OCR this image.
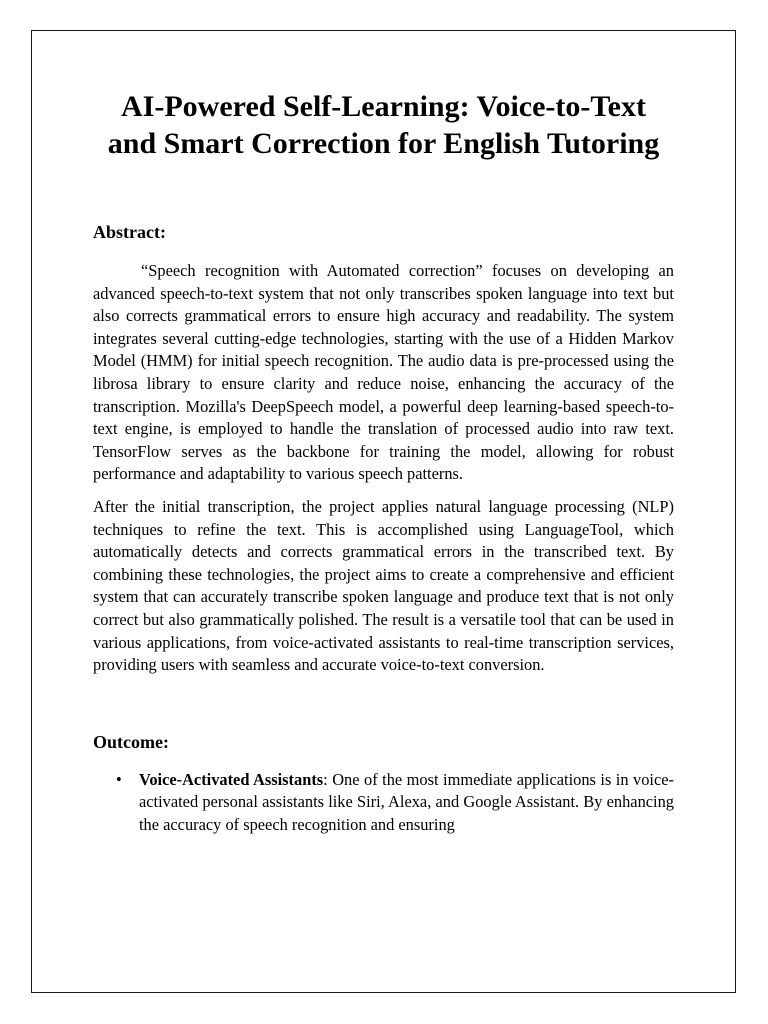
AI-Powered Self-Learning: Voice-to-Text and Smart Correction for English Tutoring
Abstract:

“Speech recognition with Automated correction” focuses on developing an advanced speech-to-text system that not only transcribes spoken language into text but also corrects grammatical errors to ensure high accuracy and readability. The system integrates several cutting-edge technologies, starting with the use of a Hidden Markov Model (HMM) for initial speech recognition. The audio data is pre-processed using the librosa library to ensure clarity and reduce noise, enhancing the accuracy of the transcription. Mozilla's DeepSpeech model, a powerful deep learning-based speech-to-text engine, is employed to handle the translation of processed audio into raw text. TensorFlow serves as the backbone for training the model, allowing for robust performance and adaptability to various speech patterns.

After the initial transcription, the project applies natural language processing (NLP) techniques to refine the text. This is accomplished using LanguageTool, which automatically detects and corrects grammatical errors in the transcribed text. By combining these technologies, the project aims to create a comprehensive and efficient system that can accurately transcribe spoken language and produce text that is not only correct but also grammatically polished. The result is a versatile tool that can be used in various applications, from voice-activated assistants to real-time transcription services, providing users with seamless and accurate voice-to-text conversion.

Outcome:
• Voice-Activated Assistants: One of the most immediate applications is in voice-activated personal assistants like Siri, Alexa, and Google Assistant. By enhancing the accuracy of speech recognition and ensuring
